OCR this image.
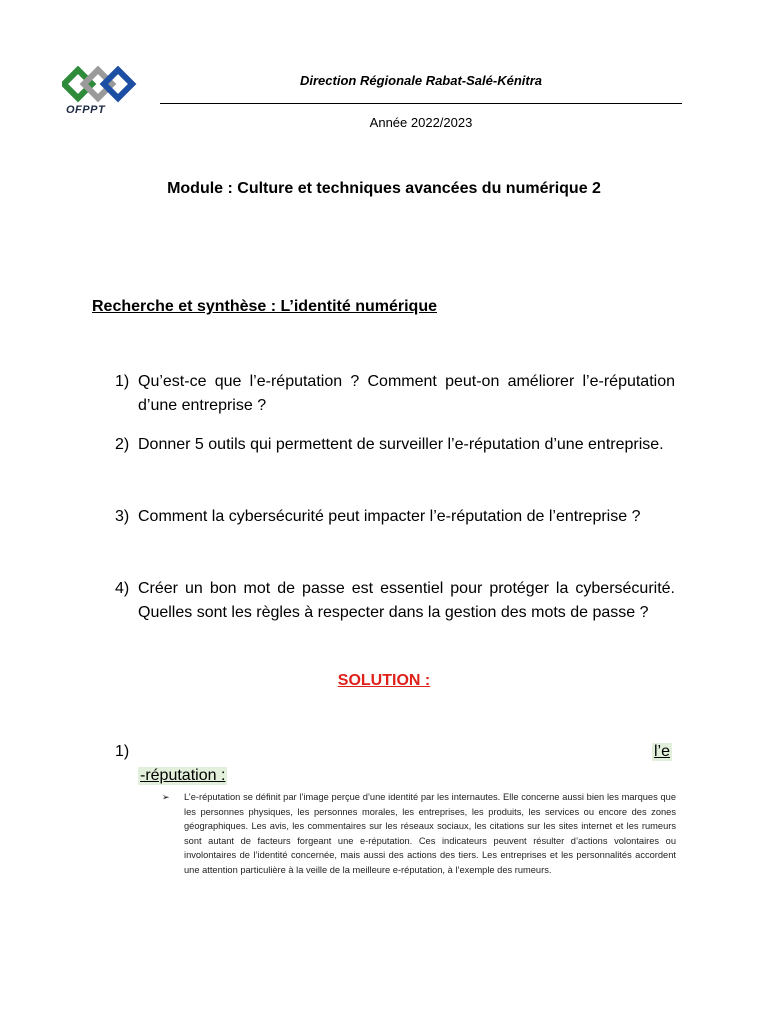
OFPPT
Direction Régionale Rabat-Salé-Kénitra
Année 2022/2023
Module : Culture et techniques avancées du numérique 2
Recherche et synthèse : L’identité numérique
1) Qu’est-ce que l’e-réputation ? Comment peut-on améliorer l’e-réputation d’une entreprise ?
2) Donner 5 outils qui permettent de surveiller l’e-réputation d’une entreprise.
3) Comment la cybersécurité peut impacter l’e-réputation de l’entreprise ?
4) Créer un bon mot de passe est essentiel pour protéger la cybersécurité. Quelles sont les règles à respecter dans la gestion des mots de passe ?
SOLUTION :
1)	l’e
-réputation :
➢ L’e-réputation se définit par l’image perçue d’une identité par les internautes. Elle concerne aussi bien les marques que les personnes physiques, les personnes morales, les entreprises, les produits, les services ou encore des zones géographiques. Les avis, les commentaires sur les réseaux sociaux, les citations sur les sites internet et les rumeurs sont autant de facteurs forgeant une e-réputation. Ces indicateurs peuvent résulter d’actions volontaires ou involontaires de l’identité concernée, mais aussi des actions des tiers. Les entreprises et les personnalités accordent une attention particulière à la veille de la meilleure e-réputation, à l’exemple des rumeurs.
